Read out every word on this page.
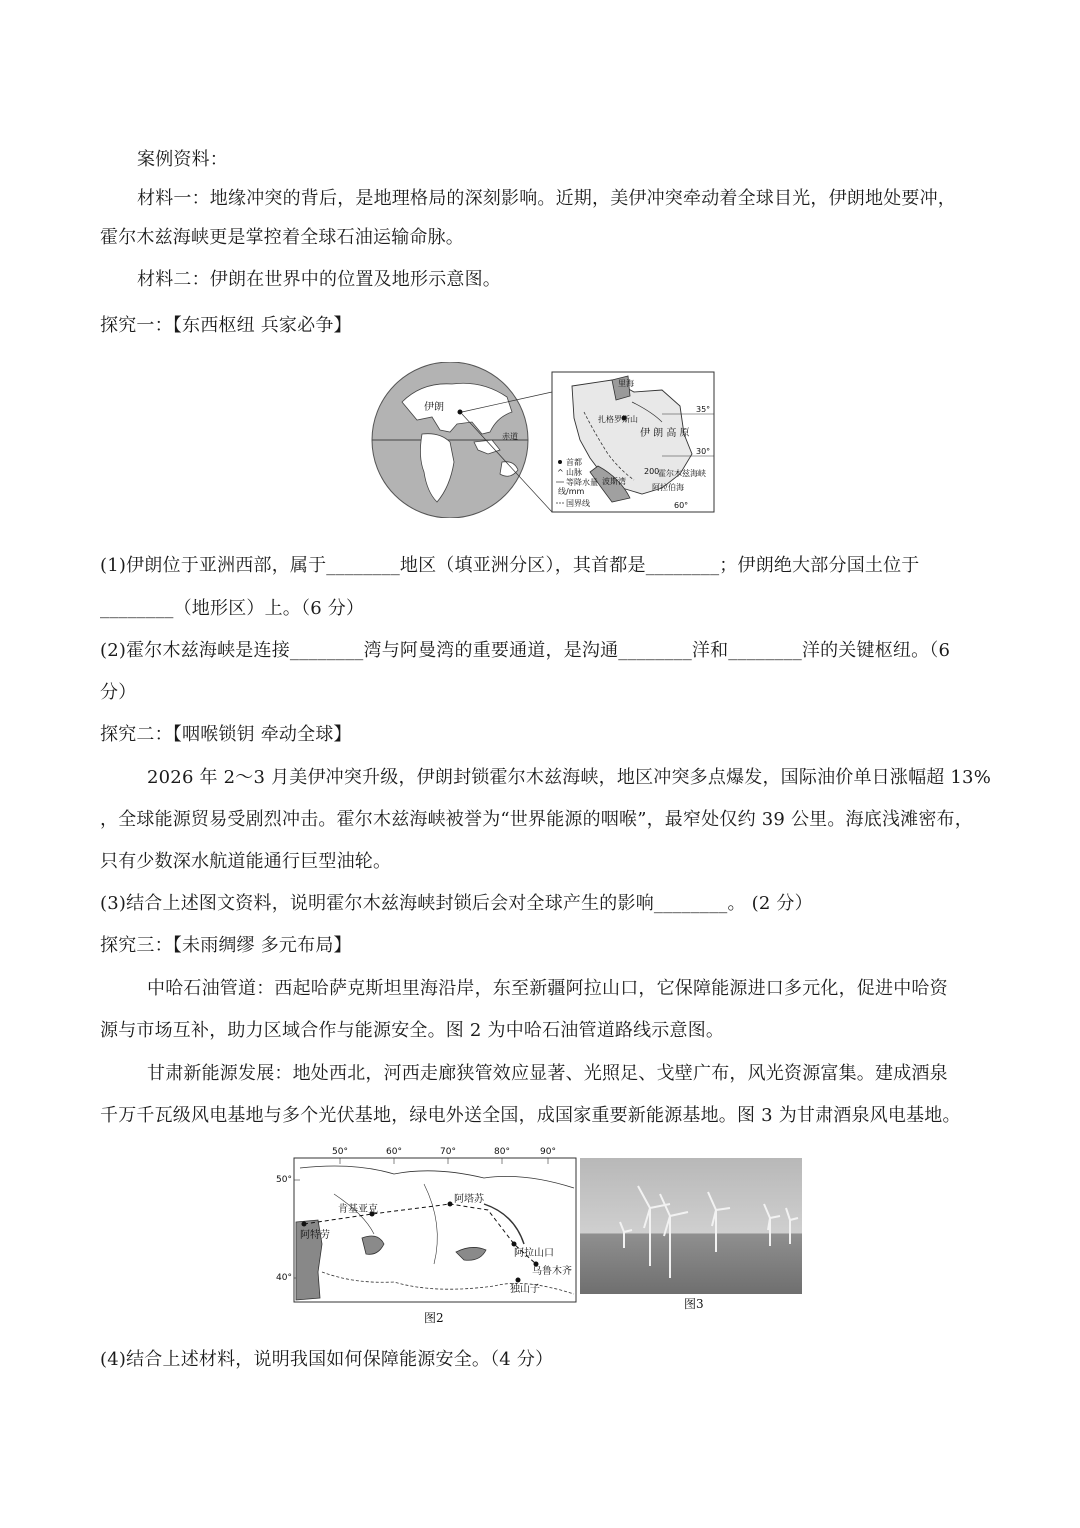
案例资料：
材料一：地缘冲突的背后，是地理格局的深刻影响。近期，美伊冲突牵动着全球目光，伊朗地处要冲，
霍尔木兹海峡更是掌控着全球石油运输命脉。
材料二：伊朗在世界中的位置及地形示意图。
探究一：【东西枢纽 兵家必争】
伊朗
赤道
里海
伊 朗 高 原
扎格罗斯山
波斯湾
霍尔木兹海峡
阿拉伯海
35°
30°
60°
200
首都
^ 山脉
等降水量
线/mm
国界线
(1)伊朗位于亚洲西部，属于________地区（填亚洲分区），其首都是________；伊朗绝大部分国土位于
________（地形区）上。（6 分）
(2)霍尔木兹海峡是连接________湾与阿曼湾的重要通道，是沟通________洋和________洋的关键枢纽。（6
分）
探究二：【咽喉锁钥 牵动全球】
2026 年 2～3 月美伊冲突升级，伊朗封锁霍尔木兹海峡，地区冲突多点爆发，国际油价单日涨幅超 13%
，全球能源贸易受剧烈冲击。霍尔木兹海峡被誉为“世界能源的咽喉”，最窄处仅约 39 公里。海底浅滩密布，
只有少数深水航道能通行巨型油轮。
(3)结合上述图文资料，说明霍尔木兹海峡封锁后会对全球产生的影响________。 (2 分）
探究三：【未雨绸缪 多元布局】
中哈石油管道：西起哈萨克斯坦里海沿岸，东至新疆阿拉山口，它保障能源进口多元化，促进中哈资
源与市场互补，助力区域合作与能源安全。图 2 为中哈石油管道路线示意图。
甘肃新能源发展：地处西北，河西走廊狭管效应显著、光照足、戈壁广布，风光资源富集。建成酒泉
千万千瓦级风电基地与多个光伏基地，绿电外送全国，成国家重要新能源基地。图 3 为甘肃酒泉风电基地。
50°	60°	70°	80°	90°
50°
40°
肯基亚克
阿特劳
阿塔苏
阿拉山口
乌鲁木齐
独山子
图2
图3
(4)结合上述材料，说明我国如何保障能源安全。（4 分）
